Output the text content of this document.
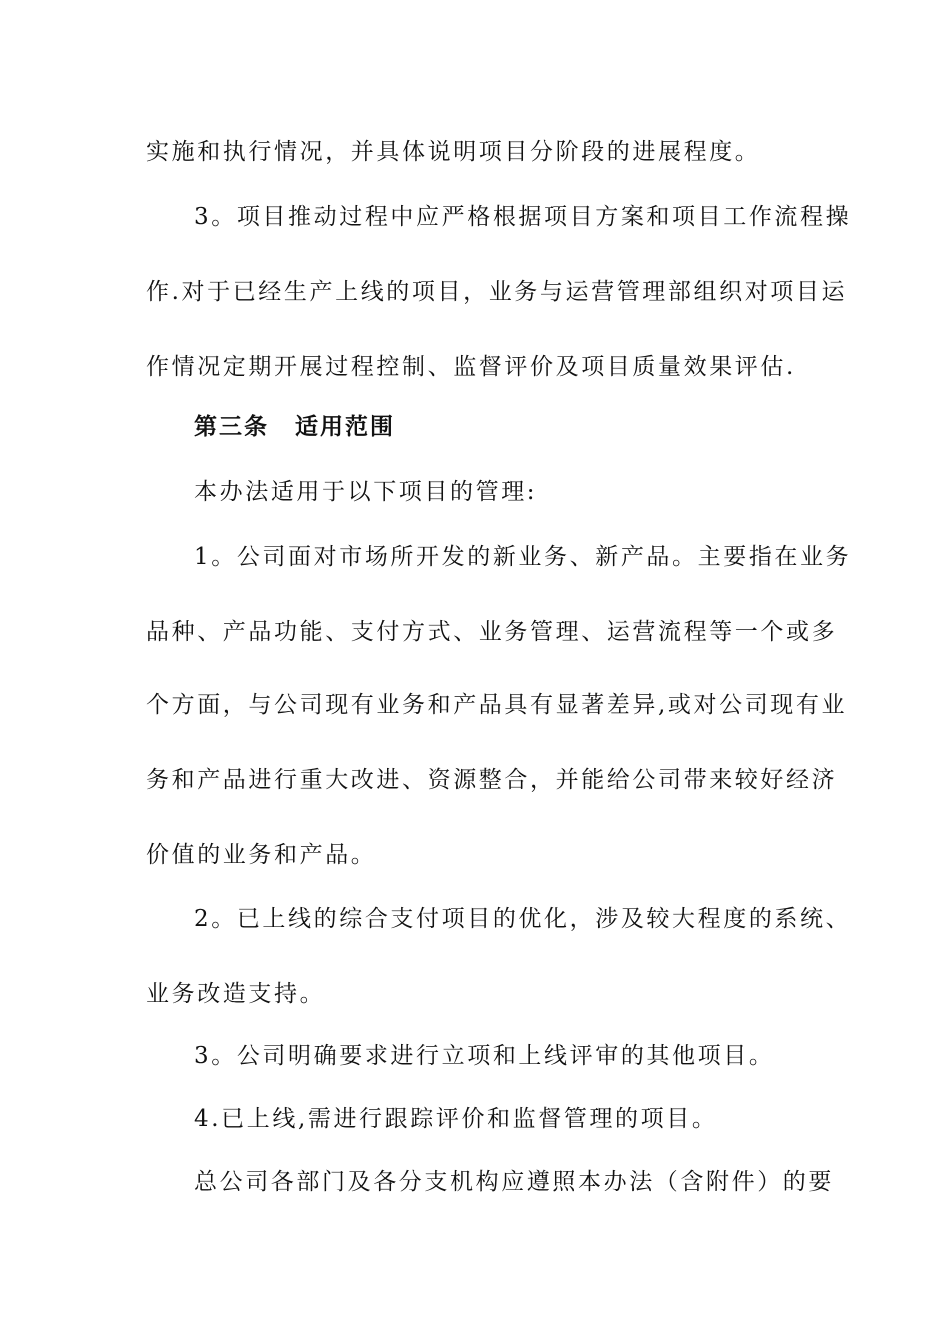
实施和执行情况，并具体说明项目分阶段的进展程度。
3。项目推动过程中应严格根据项目方案和项目工作流程操
作.对于已经生产上线的项目，业务与运营管理部组织对项目运
作情况定期开展过程控制、监督评价及项目质量效果评估.
第三条 适用范围
本办法适用于以下项目的管理:
1。公司面对市场所开发的新业务、新产品。主要指在业务
品种、产品功能、支付方式、业务管理、运营流程等一个或多
个方面，与公司现有业务和产品具有显著差异,或对公司现有业
务和产品进行重大改进、资源整合，并能给公司带来较好经济
价值的业务和产品。
2。已上线的综合支付项目的优化，涉及较大程度的系统、
业务改造支持。
3。公司明确要求进行立项和上线评审的其他项目。
4.已上线,需进行跟踪评价和监督管理的项目。
总公司各部门及各分支机构应遵照本办法（含附件）的要
